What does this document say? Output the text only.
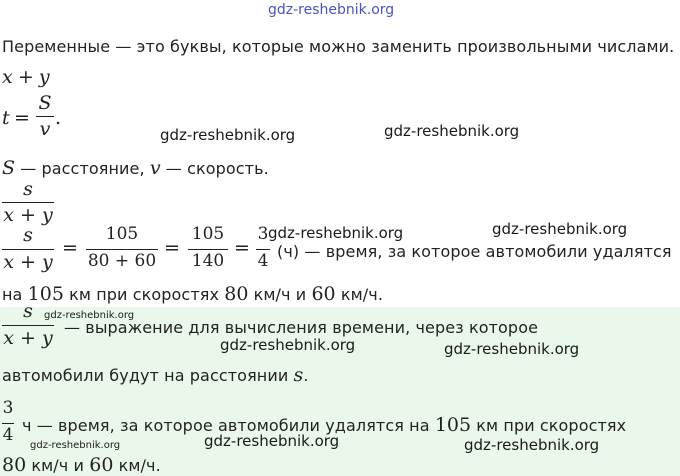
gdz-reshebnik.org
Переменные — это буквы, которые можно заменить произвольными числами.
x + y
t =
S
v .
gdz-reshebnik.org	gdz-reshebnik.org
S — расстояние, v — скорость.
s
x + y
s
x + y
=
105
80 + 60
=
105
140
=
3
4
gdz-reshebnik.org	gdz-reshebnik.org
(ч) — время, за которое автомобили удалятся
на 105 км при скоростях 80 км/ч и 60 км/ч.
s
x + y
gdz-reshebnik.org
— выражение для вычисления времени, через которое
gdz-reshebnik.org	gdz-reshebnik.org
автомобили будут на расстоянии s.
3
4 ч — время, за которое автомобили удалятся на 105 км при скоростях
gdz-reshebnik.org	gdz-reshebnik.org	gdz-reshebnik.org
80 км/ч и 60 км/ч.
